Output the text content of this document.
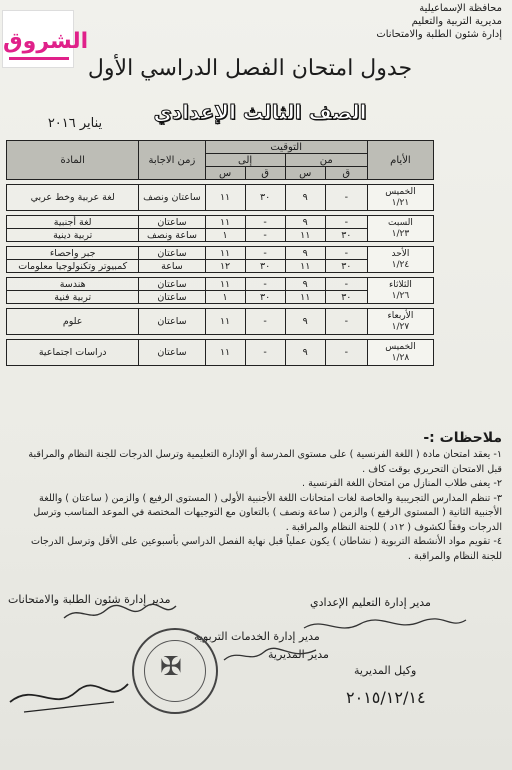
الشروق
محافظة الإسماعيلية
مديرية التربية والتعليم
إدارة شئون الطلبة والامتحانات
جدول امتحان الفصل الدراسي الأول
الصف الثالث الإعدادي
يناير ٢٠١٦
الأيام	التوقيت				زمن الاجابة	المادة
	من		إلى			
	ق	س	ق	س		

الخميس
١/٢١	-	٩	٣٠	١١	ساعتان ونصف	لغة عربية وخط عربي

السبت
١/٢٣	-	٩	-	١١	ساعتان	لغة أجنبية
	٣٠	١١	-	١	ساعة ونصف	تربية دينية

الأحد
١/٢٤	-	٩	-	١١	ساعتان	جبر واحصاء
	٣٠	١١	٣٠	١٢	ساعة	كمبيوتر وتكنولوجيا معلومات

الثلاثاء
١/٢٦	-	٩	-	١١	ساعتان	هندسة
	٣٠	١١	٣٠	١	ساعتان	تربية فنية

الأربعاء
١/٢٧	-	٩	-	١١	ساعتان	علوم

الخميس
١/٢٨	-	٩	-	١١	ساعتان	دراسات اجتماعية
ملاحظات :-
١- يعقد امتحان مادة ( اللغة الفرنسية ) على مستوى المدرسة أو الإدارة التعليمية وترسل الدرجات للجنة النظام والمراقبة قبل الامتحان التحريري بوقت كاف .
٢- يعفى طلاب المنازل من امتحان اللغة الفرنسية .
٣- تنظم المدارس التجريبية والخاصة لغات امتحانات اللغة الأجنبية الأولى ( المستوى الرفيع ) والزمن ( ساعتان ) واللغة الأجنبية الثانية ( المستوى الرفيع ) والزمن ( ساعة ونصف ) بالتعاون مع التوجيهات المختصة في الموعد المناسب وترسل الدرجات وفقاً لكشوف ( ١٢د ) للجنة النظام والمراقبة .
٤- تقويم مواد الأنشطة التربوية ( نشاطان ) يكون عملياً قبل نهاية الفصل الدراسي بأسبوعين على الأقل وترسل الدرجات للجنة النظام والمراقبة .
مدير إدارة شئون الطلبة والامتحانات	مدير إدارة التعليم الإعدادي
مدير إدارة الخدمات التربوية
وكيل المديرية
مدير المديرية
٢٠١٥/١٢/١٤
✠
